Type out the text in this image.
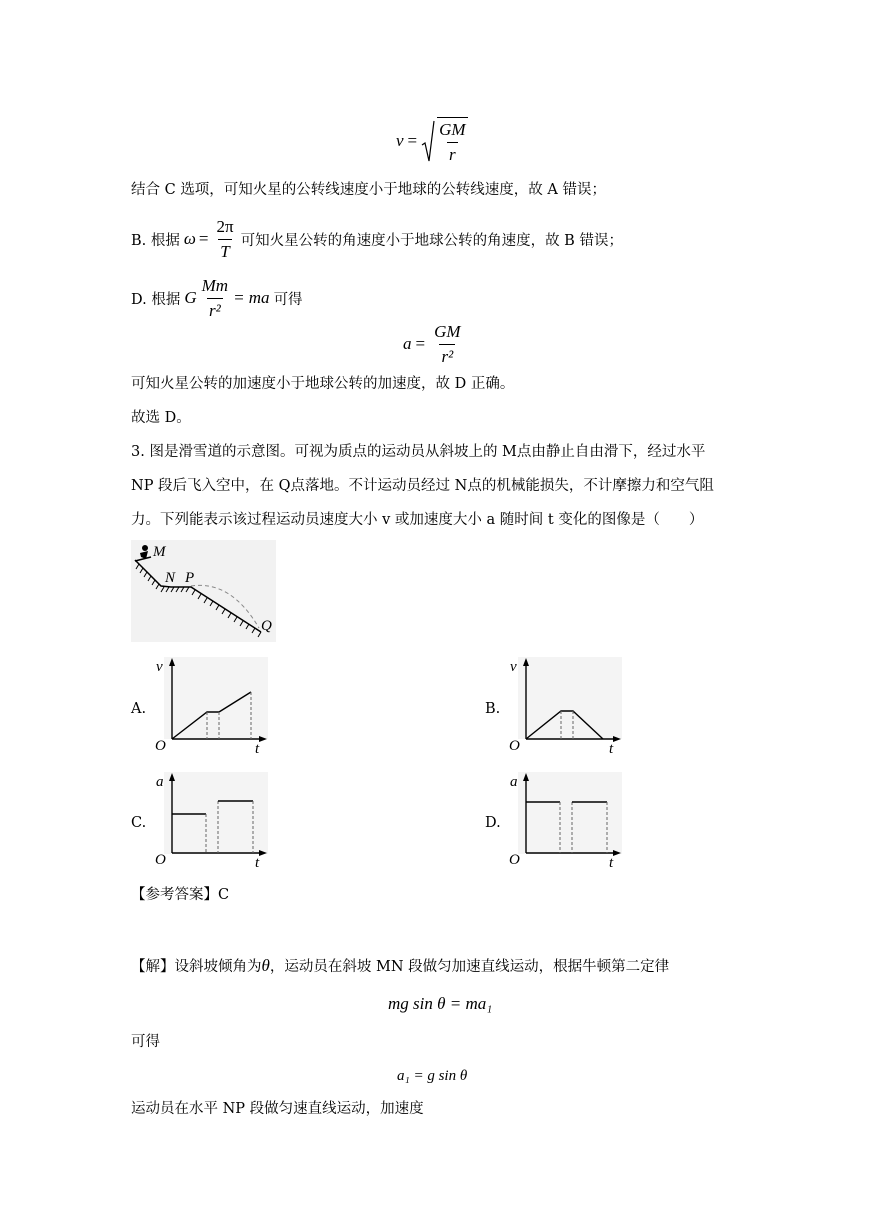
$v = \frac{GM}{r}$
结合 C 选项，可知火星的公转线速度小于地球的公转线速度，故 A 错误；
B. 根据 $\omega = \frac{2\pi}{T}$ 可知火星公转的角速度小于地球公转的角速度，故 B 错误；
D. 根据 G $\frac{Mm}{\text{r²}}$ = ma 可得
$a = \frac{GM}{\text{r²}}$
可知火星公转的加速度小于地球公转的加速度，故 D 正确。
故选 D。
3. 图是滑雪道的示意图。可视为质点的运动员从斜坡上的 M点由静止自由滑下，经过水平
NP 段后飞入空中，在 Q点落地。不计运动员经过 N点的机械能损失，不计摩擦力和空气阻
力。下列能表示该过程运动员速度大小 v 或加速度大小 a 随时间 t 变化的图像是（　　）
M
N P
Q
A.
v
O	t
B.
v
O	t
C.
a
O	t
D.
a
O	t
【参考答案】C
【解】设斜坡倾角为θ，运动员在斜坡 MN 段做匀加速直线运动，根据牛顿第二定律
mg sin θ = ma₁
可得
a₁ = g sin θ
运动员在水平 NP 段做匀速直线运动，加速度
